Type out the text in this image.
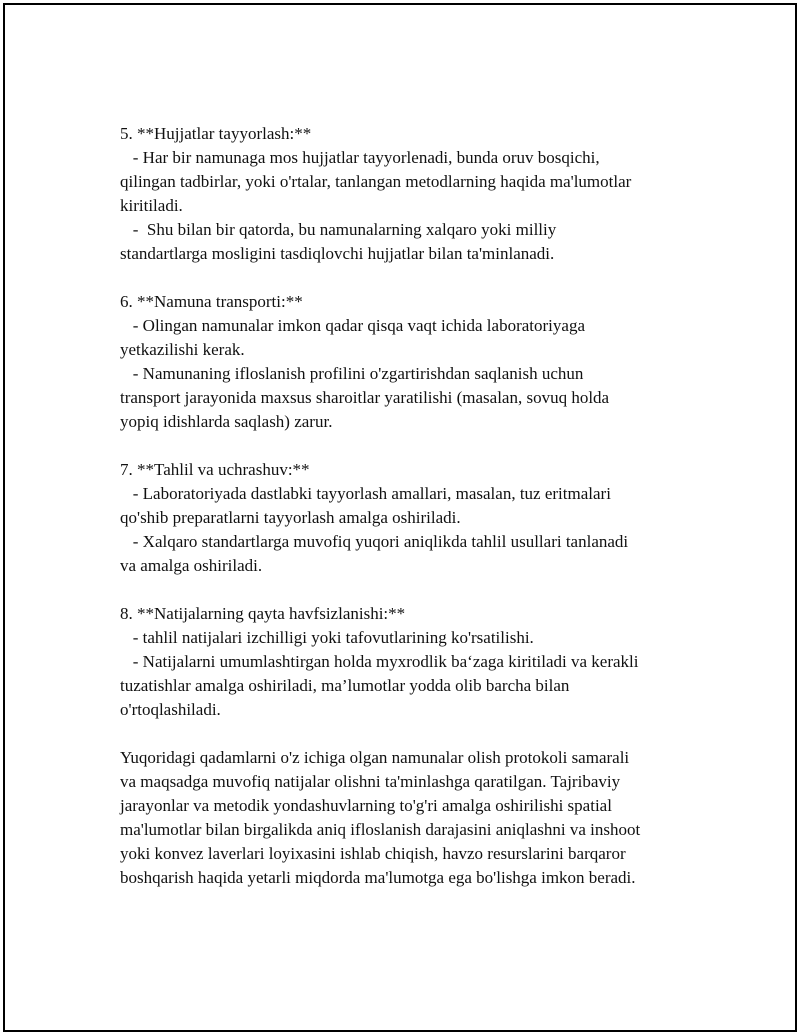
5. **Hujjatlar tayyorlash:**
- Har bir namunaga mos hujjatlar tayyorlenadi, bunda oruv bosqichi,
qilingan tadbirlar, yoki o'rtalar, tanlangan metodlarning haqida ma'lumotlar
kiritiladi.
-  Shu bilan bir qatorda, bu namunalarning xalqaro yoki milliy
standartlarga mosligini tasdiqlovchi hujjatlar bilan ta'minlanadi.
6. **Namuna transporti:**
- Olingan namunalar imkon qadar qisqa vaqt ichida laboratoriyaga
yetkazilishi kerak.
- Namunaning ifloslanish profilini o'zgartirishdan saqlanish uchun
transport jarayonida maxsus sharoitlar yaratilishi (masalan, sovuq holda
yopiq idishlarda saqlash) zarur.
7. **Tahlil va uchrashuv:**
- Laboratoriyada dastlabki tayyorlash amallari, masalan, tuz eritmalari
qo'shib preparatlarni tayyorlash amalga oshiriladi.
- Xalqaro standartlarga muvofiq yuqori aniqlikda tahlil usullari tanlanadi
va amalga oshiriladi.
8. **Natijalarning qayta havfsizlanishi:**
- tahlil natijalari izchilligi yoki tafovutlarining ko'rsatilishi.
- Natijalarni umumlashtirgan holda myxrodlik ba‘zaga kiritiladi va kerakli
tuzatishlar amalga oshiriladi, ma’lumotlar yodda olib barcha bilan
o'rtoqlashiladi.
Yuqoridagi qadamlarni o'z ichiga olgan namunalar olish protokoli samarali
va maqsadga muvofiq natijalar olishni ta'minlashga qaratilgan. Tajribaviy
jarayonlar va metodik yondashuvlarning to'g'ri amalga oshirilishi spatial
ma'lumotlar bilan birgalikda aniq ifloslanish darajasini aniqlashni va inshoot
yoki konvez laverlari loyixasini ishlab chiqish, havzo resurslarini barqaror
boshqarish haqida yetarli miqdorda ma'lumotga ega bo'lishga imkon beradi.
